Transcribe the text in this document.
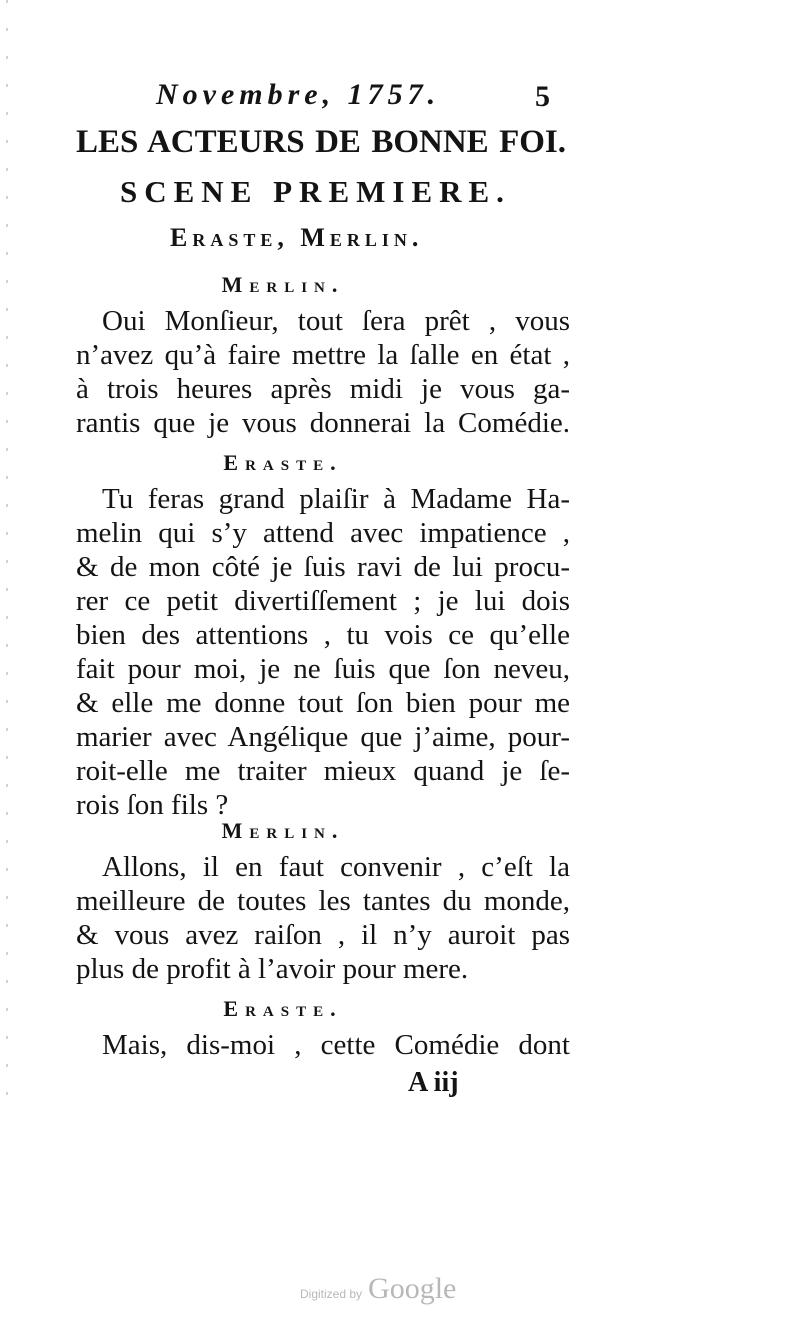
Novembre, 1757.	5
LES ACTEURS DE BONNE FOI.
SCENE PREMIERE.
Eraste, Merlin.
Merlin.
Oui Monſieur, tout ſera prêt , vous
n’avez qu’à faire mettre la ſalle en état ,
à trois heures après midi je vous ga-
rantis que je vous donnerai la Comédie.
Eraste.
Tu feras grand plaiſir à Madame Ha-
melin qui s’y attend avec impatience ,
& de mon côté je ſuis ravi de lui procu-
rer ce petit divertiſſement ; je lui dois
bien des attentions , tu vois ce qu’elle
fait pour moi, je ne ſuis que ſon neveu,
& elle me donne tout ſon bien pour me
marier avec Angélique que j’aime, pour-
roit-elle me traiter mieux quand je ſe-
rois ſon fils ?
Merlin.
Allons, il en faut convenir , c’eſt la
meilleure de toutes les tantes du monde,
& vous avez raiſon , il n’y auroit pas
plus de profit à l’avoir pour mere.
Eraste.
Mais, dis-moi , cette Comédie dont
A iij
Digitized by Google
